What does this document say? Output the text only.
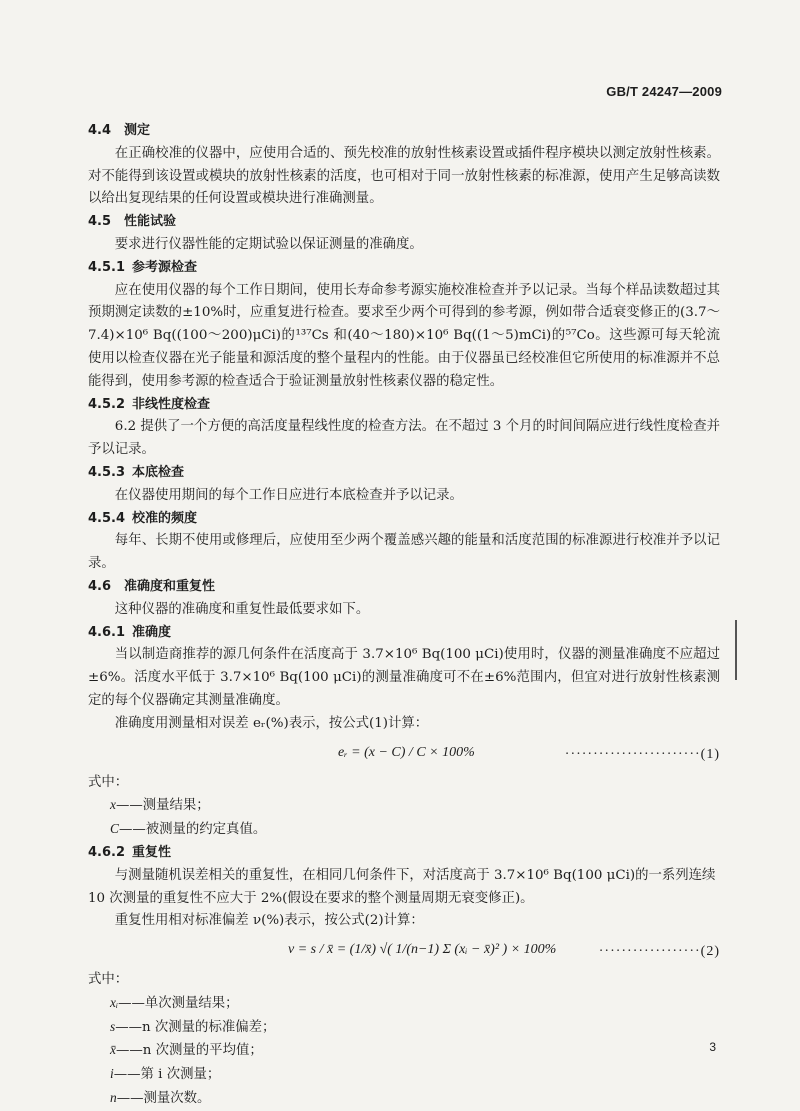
GB/T 24247—2009
4.4 测定
在正确校准的仪器中，应使用合适的、预先校准的放射性核素设置或插件程序模块以测定放射性核素。对不能得到该设置或模块的放射性核素的活度，也可相对于同一放射性核素的标准源，使用产生足够高读数以给出复现结果的任何设置或模块进行准确测量。
4.5 性能试验
要求进行仪器性能的定期试验以保证测量的准确度。
4.5.1 参考源检查
应在使用仪器的每个工作日期间，使用长寿命参考源实施校准检查并予以记录。当每个样品读数超过其预期测定读数的±10%时，应重复进行检查。要求至少两个可得到的参考源，例如带合适衰变修正的(3.7～7.4)×10⁶ Bq((100～200)μCi)的¹³⁷Cs 和(40～180)×10⁶ Bq((1～5)mCi)的⁵⁷Co。这些源可每天轮流使用以检查仪器在光子能量和源活度的整个量程内的性能。由于仪器虽已经校准但它所使用的标准源并不总能得到，使用参考源的检查适合于验证测量放射性核素仪器的稳定性。
4.5.2 非线性度检查
6.2 提供了一个方便的高活度量程线性度的检查方法。在不超过 3 个月的时间间隔应进行线性度检查并予以记录。
4.5.3 本底检查
在仪器使用期间的每个工作日应进行本底检查并予以记录。
4.5.4 校准的频度
每年、长期不使用或修理后，应使用至少两个覆盖感兴趣的能量和活度范围的标准源进行校准并予以记录。
4.6 准确度和重复性
这种仪器的准确度和重复性最低要求如下。
4.6.1 准确度
当以制造商推荐的源几何条件在活度高于 3.7×10⁶ Bq(100 μCi)使用时，仪器的测量准确度不应超过±6%。活度水平低于 3.7×10⁶ Bq(100 μCi)的测量准确度可不在±6%范围内，但宜对进行放射性核素测定的每个仪器确定其测量准确度。
准确度用测量相对误差 eᵣ(%)表示，按公式(1)计算：
eᵣ = (x − C) / C × 100%	························(1)
式中：
x——测量结果；
C——被测量的约定真值。
4.6.2 重复性
与测量随机误差相关的重复性，在相同几何条件下，对活度高于 3.7×10⁶ Bq(100 μCi)的一系列连续 10 次测量的重复性不应大于 2%(假设在要求的整个测量周期无衰变修正)。
重复性用相对标准偏差 ν(%)表示，按公式(2)计算：
ν = s / x̄ = (1/x̄) √( 1/(n−1) Σ (xᵢ − x̄)² ) × 100%	··················(2)
式中：
xᵢ——单次测量结果；
s——n 次测量的标准偏差；
x̄——n 次测量的平均值；
i——第 i 次测量；
n——测量次数。
3
